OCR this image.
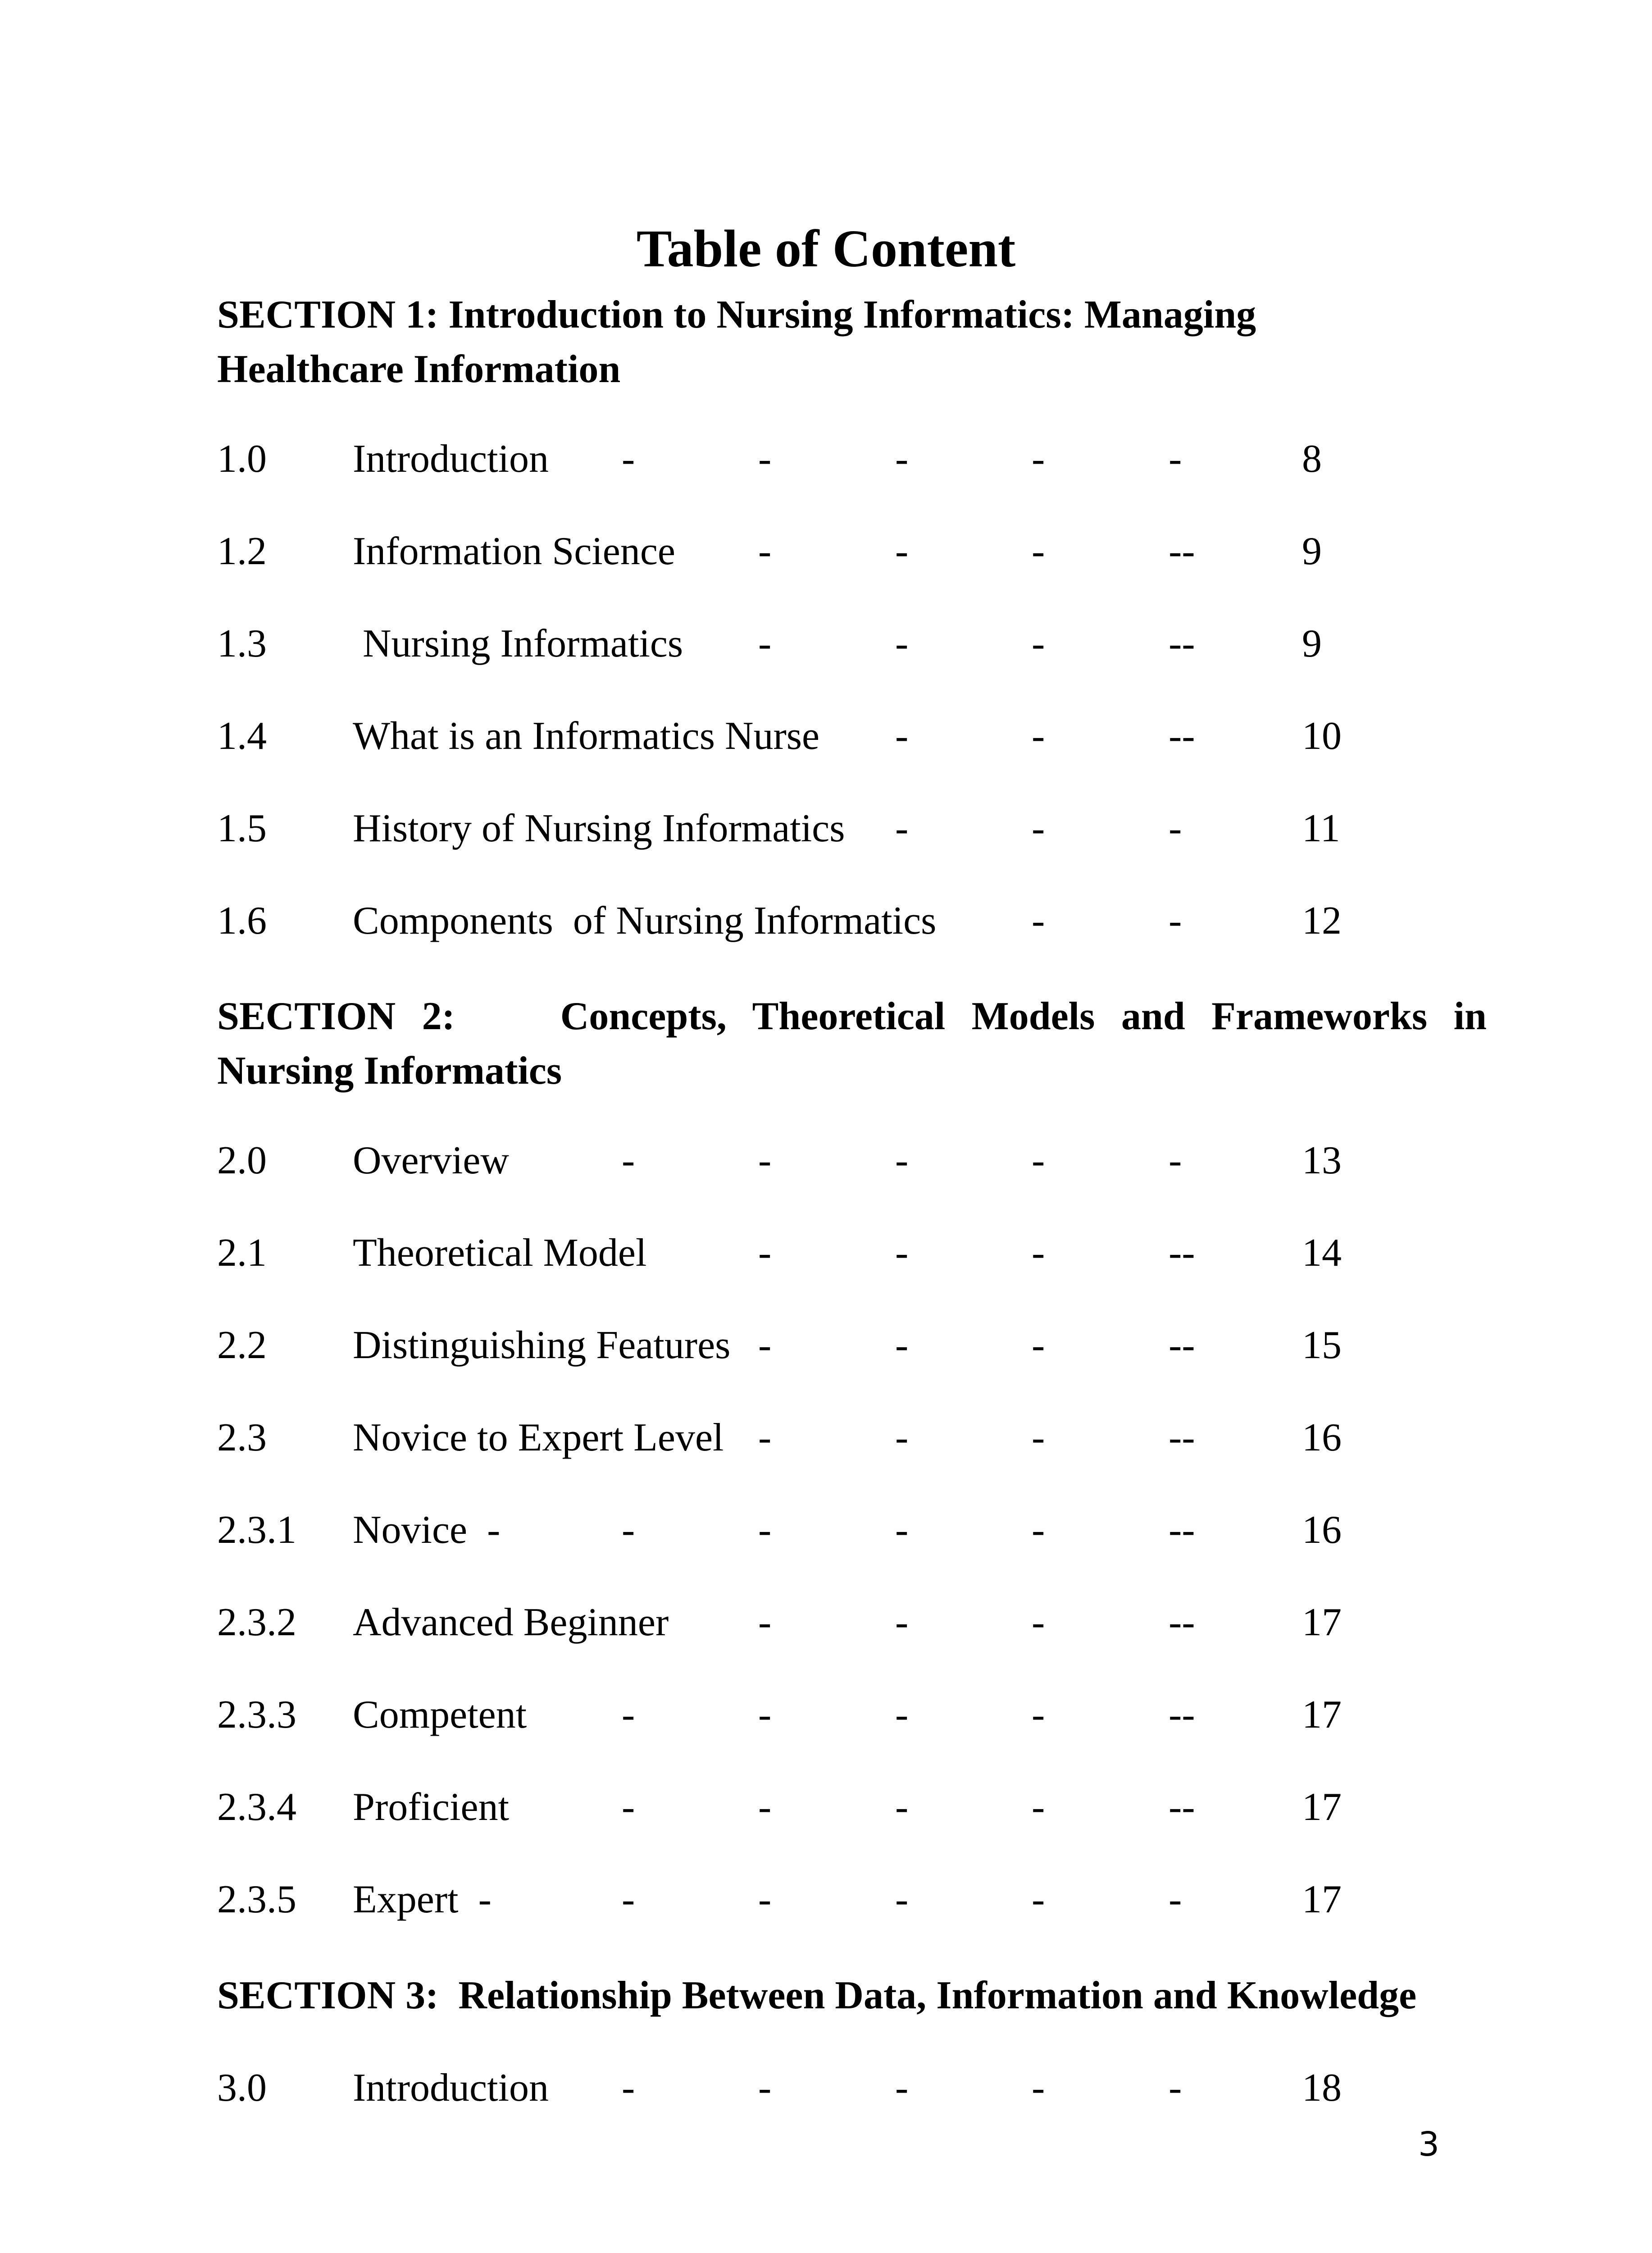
Table of Content
SECTION 1: Introduction to Nursing Informatics: Managing
Healthcare Information
1.0 Introduction -	-	-	-	-	8
1.2 Information Science -	-	-	--	9
1.3 Nursing Informatics -	-	-	--	9
1.4 What is an Informatics Nurse -	-	--	10
1.5 History of Nursing Informatics -	-	-	11
1.6 Components  of Nursing Informatics -	-	12
SECTION 2:    Concepts, Theoretical Models and Frameworks in
Nursing Informatics
2.0 Overview	-	-	-	-	-	13
2.1 Theoretical Model	-	-	-	--	14
2.2 Distinguishing Features -	-	-	--	15
2.3 Novice to Expert Level -	-	-	--	16
2.3.1 Novice  -	-	-	-	-	--	16
2.3.2 Advanced Beginner -	-	-	--	17
2.3.3 Competent -	-	-	-	--	17
2.3.4 Proficient	-	-	-	-	--	17
2.3.5 Expert  -	-	-	-	-	-	17
SECTION 3:  Relationship Between Data, Information and Knowledge
3.0 Introduction -	-	-	-	-	18
3
